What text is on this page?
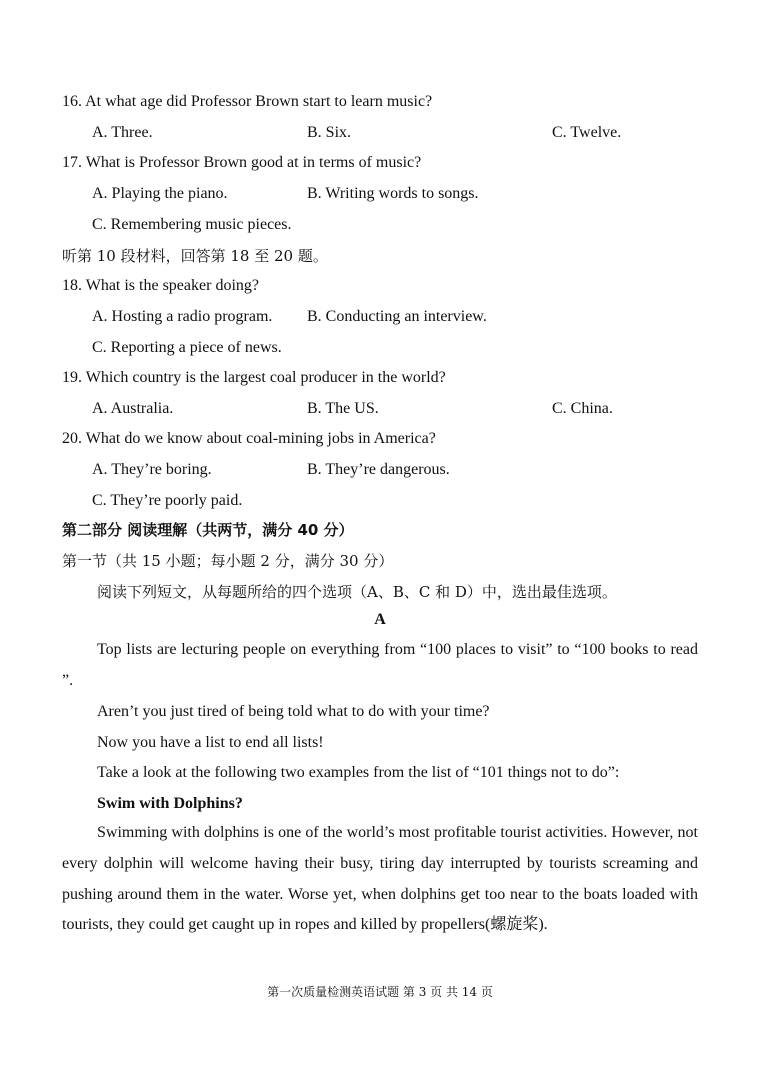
16. At what age did Professor Brown start to learn music?
A. Three.	B. Six.	C. Twelve.
17. What is Professor Brown good at in terms of music?
A. Playing the piano.	B. Writing words to songs.
C. Remembering music pieces.
听第 10 段材料，回答第 18 至 20 题。
18. What is the speaker doing?
A. Hosting a radio program. B. Conducting an interview.
C. Reporting a piece of news.
19. Which country is the largest coal producer in the world?
A. Australia.	B. The US.	C. China.
20. What do we know about coal-mining jobs in America?
A. They’re boring.	B. They’re dangerous.
C. They’re poorly paid.
第二部分 阅读理解（共两节，满分 40 分）
第一节（共 15 小题；每小题 2 分，满分 30 分）
阅读下列短文，从每题所给的四个选项（A、B、C 和 D）中，选出最佳选项。
A
Top lists are lecturing people on everything from “100 places to visit” to “100 books to read ”.
Aren’t you just tired of being told what to do with your time?
Now you have a list to end all lists!
Take a look at the following two examples from the list of “101 things not to do”:
Swim with Dolphins?
Swimming with dolphins is one of the world’s most profitable tourist activities. However, not every dolphin will welcome having their busy, tiring day interrupted by tourists screaming and pushing around them in the water. Worse yet, when dolphins get too near to the boats loaded with tourists, they could get caught up in ropes and killed by propellers(螺旋桨).
第一次质量检测英语试题 第 3 页 共 14 页
